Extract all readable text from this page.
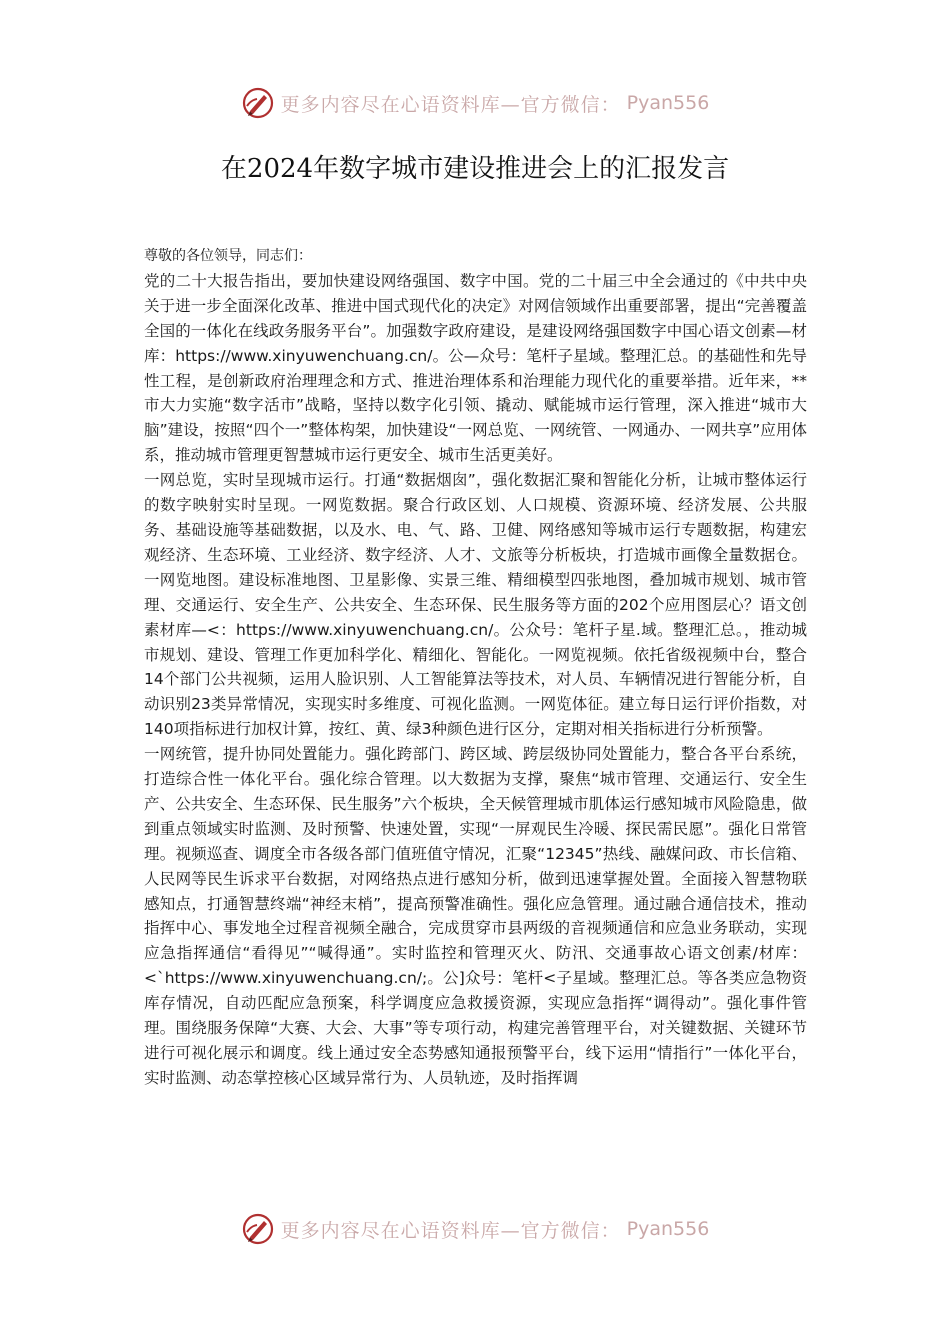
更多内容尽在心语资料库—官方微信： Pyan556
在2024年数字城市建设推进会上的汇报发言

尊敬的各位领导，同志们：

党的二十大报告指出，要加快建设网络强国、数字中国。党的二十届三中全会通过的《中共中央关于进一步全面深化改革、推进中国式现代化的决定》对网信领域作出重要部署，提出“完善覆盖全国的一体化在线政务服务平台”。加强数字政府建设，是建设网络强国数字中国心语文创素—材库：https://www.xinyuwenchuang.cn/。公—众号：笔杆子星域。整理汇总。的基础性和先导性工程，是创新政府治理理念和方式、推进治理体系和治理能力现代化的重要举措。近年来，**市大力实施“数字活市”战略，坚持以数字化引领、撬动、赋能城市运行管理，深入推进“城市大脑”建设，按照“四个一”整体构架，加快建设“一网总览、一网统管、一网通办、一网共享”应用体系，推动城市管理更智慧城市运行更安全、城市生活更美好。

一网总览，实时呈现城市运行。打通“数据烟囱”，强化数据汇聚和智能化分析，让城市整体运行的数字映射实时呈现。一网览数据。聚合行政区划、人口规模、资源环境、经济发展、公共服务、基础设施等基础数据，以及水、电、气、路、卫健、网络感知等城市运行专题数据，构建宏观经济、生态环境、工业经济、数字经济、人才、文旅等分析板块，打造城市画像全量数据仓。一网览地图。建设标准地图、卫星影像、实景三维、精细模型四张地图，叠加城市规划、城市管理、交通运行、安全生产、公共安全、生态环保、民生服务等方面的202个应用图层心？语文创素材库—<：https://www.xinyuwenchuang.cn/。公众号：笔杆子星.域。整理汇总。，推动城市规划、建设、管理工作更加科学化、精细化、智能化。一网览视频。依托省级视频中台，整合14个部门公共视频，运用人脸识别、人工智能算法等技术，对人员、车辆情况进行智能分析，自动识别23类异常情况，实现实时多维度、可视化监测。一网览体征。建立每日运行评价指数，对140项指标进行加权计算，按红、黄、绿3种颜色进行区分，定期对相关指标进行分析预警。

一网统管，提升协同处置能力。强化跨部门、跨区域、跨层级协同处置能力，整合各平台系统，打造综合性一体化平台。强化综合管理。以大数据为支撑，聚焦“城市管理、交通运行、安全生产、公共安全、生态环保、民生服务”六个板块，全天候管理城市肌体运行感知城市风险隐患，做到重点领域实时监测、及时预警、快速处置，实现“一屏观民生冷暖、探民需民愿”。强化日常管理。视频巡查、调度全市各级各部门值班值守情况，汇聚“12345”热线、融媒问政、市长信箱、人民网等民生诉求平台数据，对网络热点进行感知分析，做到迅速掌握处置。全面接入智慧物联感知点，打通智慧终端“神经末梢”，提高预警准确性。强化应急管理。通过融合通信技术，推动指挥中心、事发地全过程音视频全融合，完成贯穿市县两级的音视频通信和应急业务联动，实现应急指挥通信“看得见”“喊得通”。实时监控和管理灭火、防汛、交通事故心语文创素/材库：<`https://www.xinyuwenchuang.cn/;。公]众号：笔杆<子星域。整理汇总。等各类应急物资库存情况，自动匹配应急预案，科学调度应急救援资源，实现应急指挥“调得动”。强化事件管理。围绕服务保障“大赛、大会、大事”等专项行动，构建完善管理平台，对关键数据、关键环节进行可视化展示和调度。线上通过安全态势感知通报预警平台，线下运用“情指行”一体化平台，实时监测、动态掌控核心区域异常行为、人员轨迹，及时指挥调

更多内容尽在心语资料库—官方微信： Pyan556
